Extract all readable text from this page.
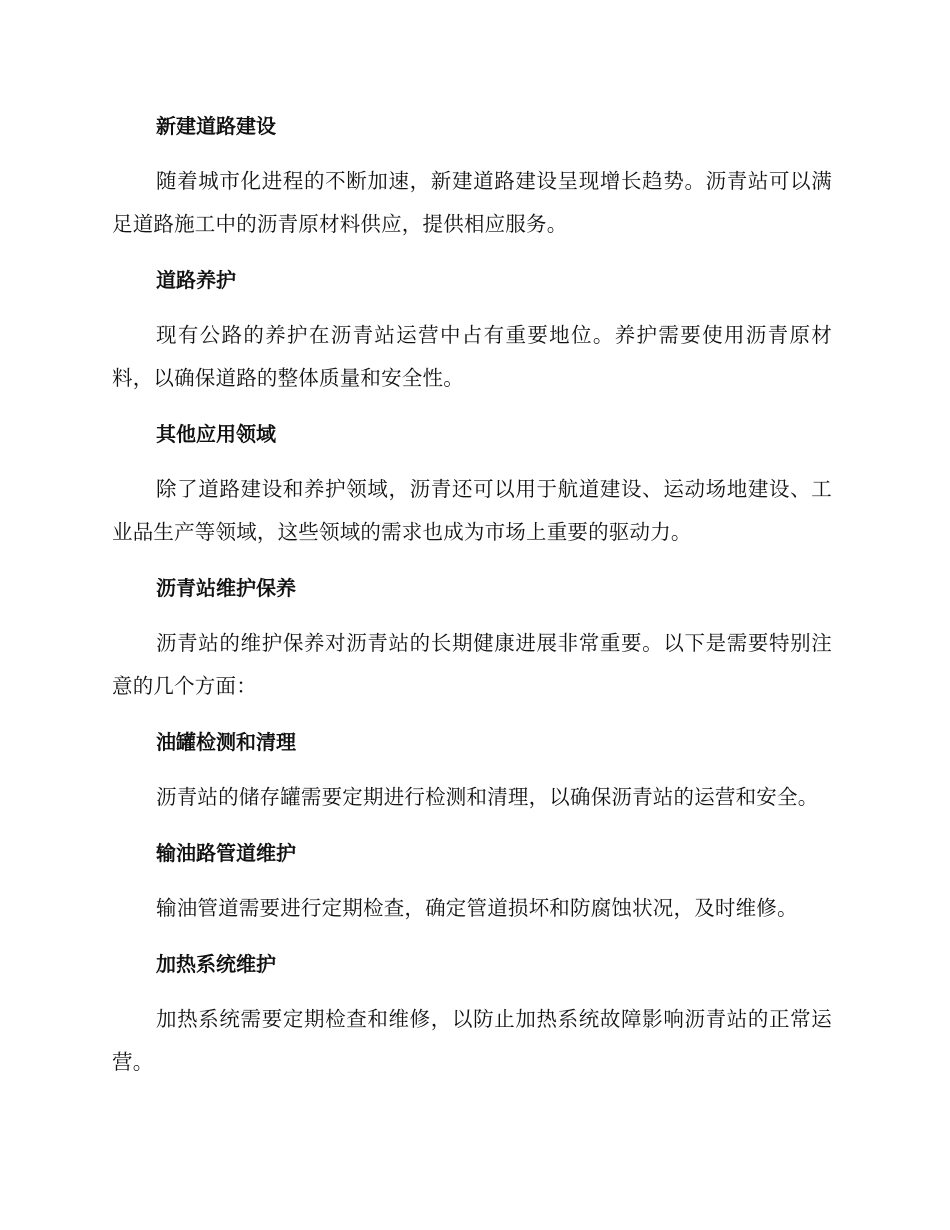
新建道路建设

随着城市化进程的不断加速，新建道路建设呈现增长趋势。沥青站可以满足道路施工中的沥青原材料供应，提供相应服务。

道路养护

现有公路的养护在沥青站运营中占有重要地位。养护需要使用沥青原材料，以确保道路的整体质量和安全性。

其他应用领域

除了道路建设和养护领域，沥青还可以用于航道建设、运动场地建设、工业品生产等领域，这些领域的需求也成为市场上重要的驱动力。

沥青站维护保养

沥青站的维护保养对沥青站的长期健康进展非常重要。以下是需要特别注意的几个方面：

油罐检测和清理

沥青站的储存罐需要定期进行检测和清理，以确保沥青站的运营和安全。

输油路管道维护

输油管道需要进行定期检查，确定管道损坏和防腐蚀状况，及时维修。

加热系统维护

加热系统需要定期检查和维修，以防止加热系统故障影响沥青站的正常运营。
